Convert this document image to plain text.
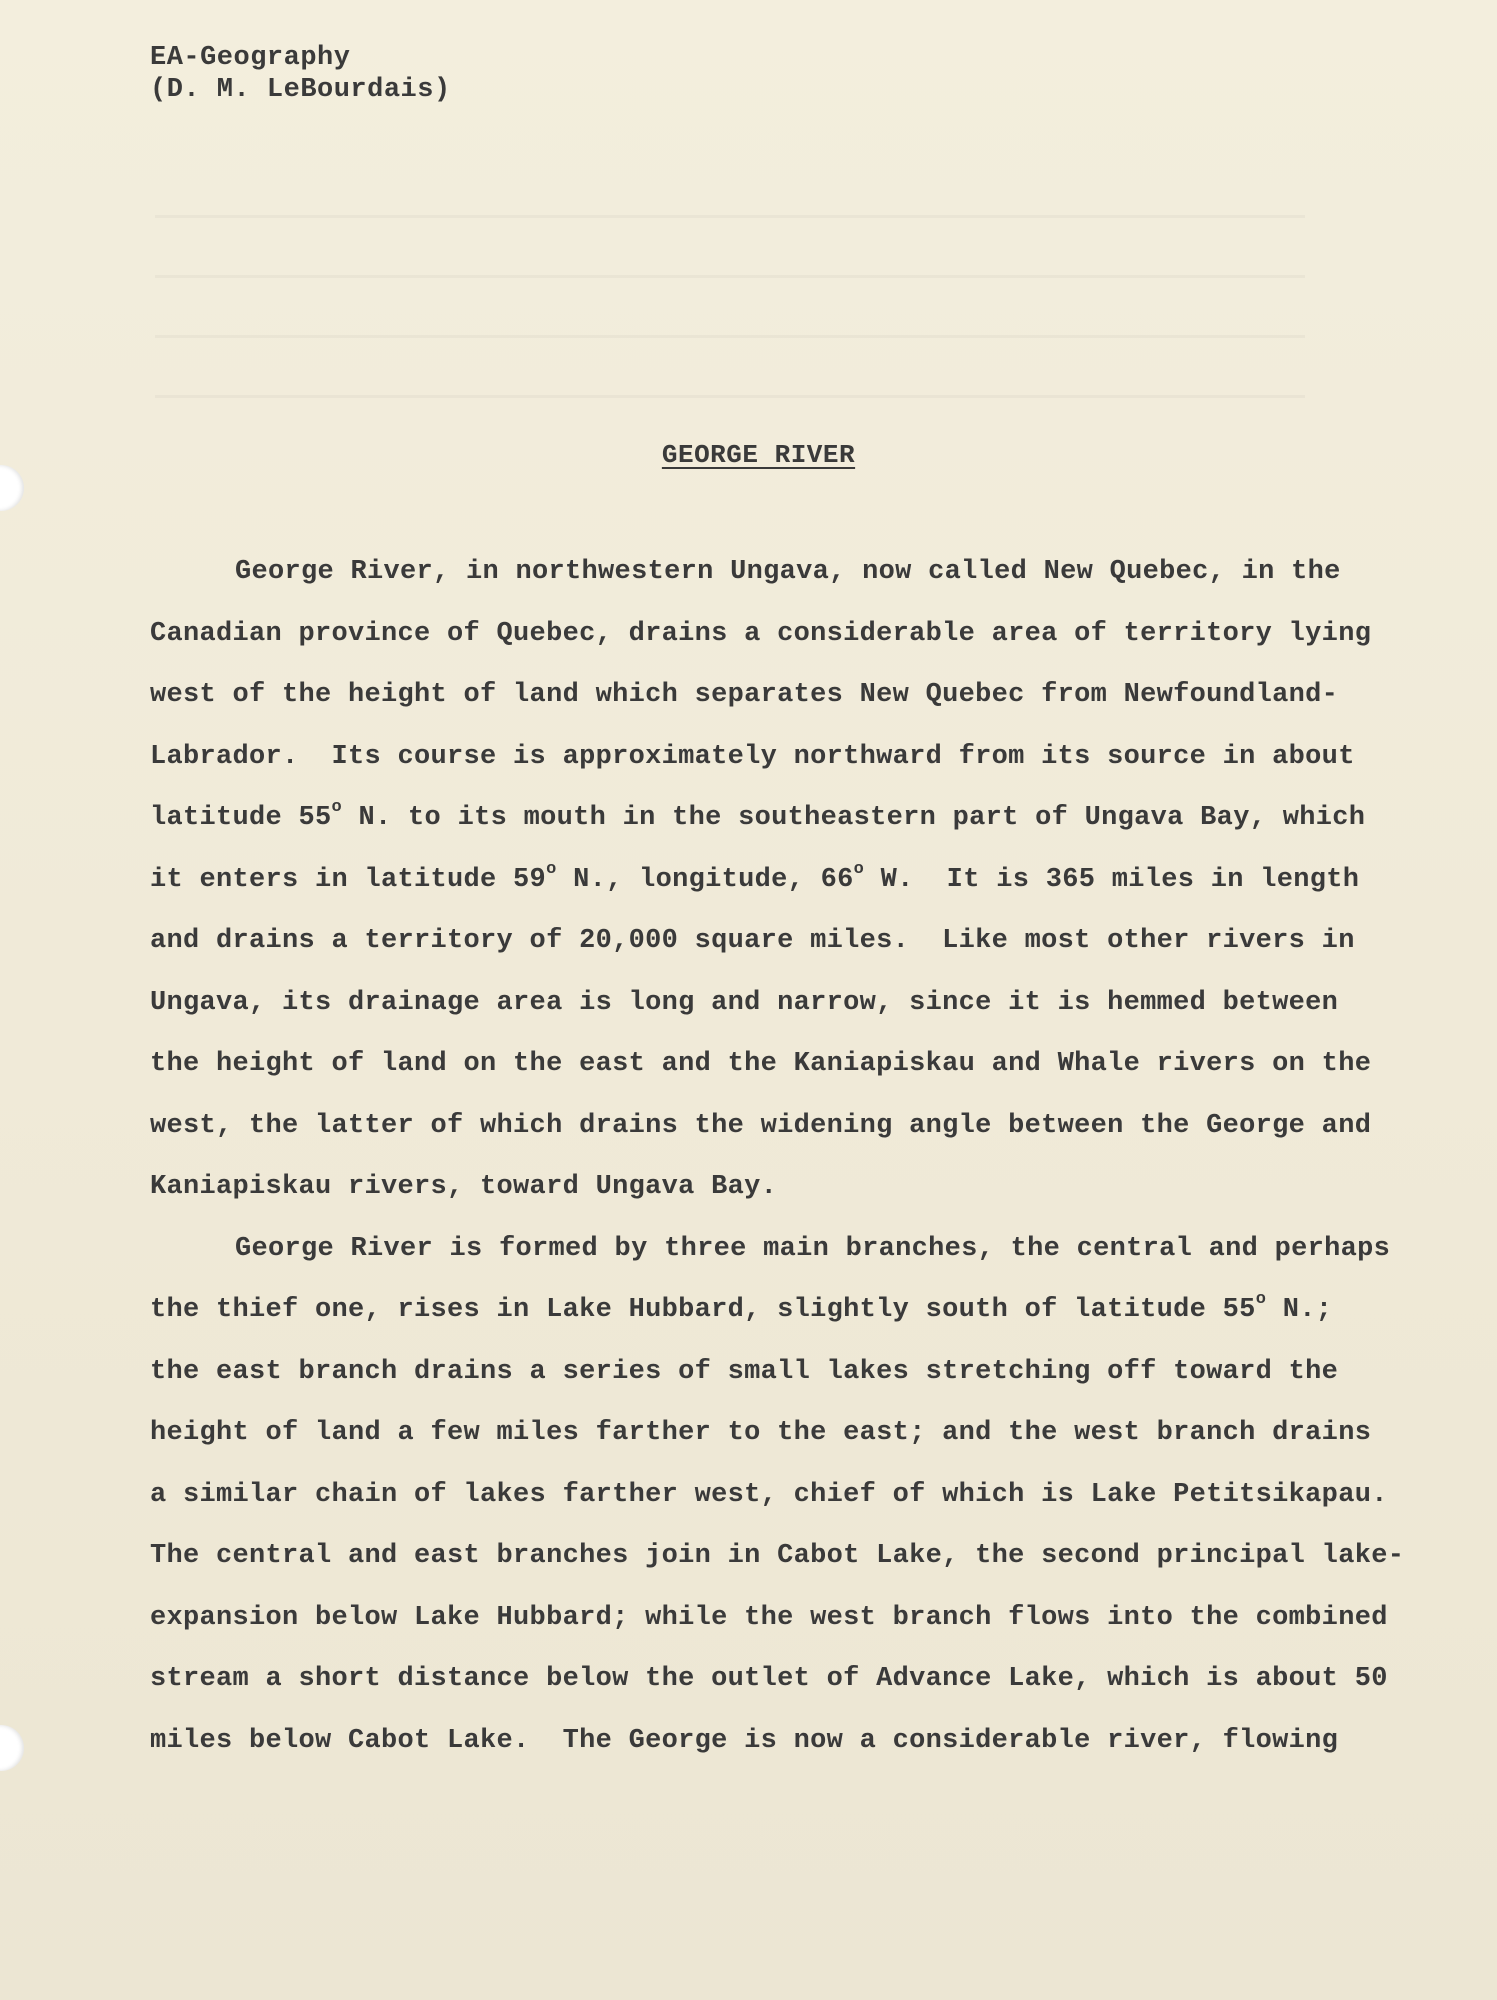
EA-Geography
(D. M. LeBourdais)
GEORGE RIVER
George River, in northwestern Ungava, now called New Quebec, in the
Canadian province of Quebec, drains a considerable area of territory lying
west of the height of land which separates New Quebec from Newfoundland-
Labrador.  Its course is approximately northward from its source in about
latitude 55$^o$ N. to its mouth in the southeastern part of Ungava Bay, which
it enters in latitude 59$^o$ N., longitude, 66$^o$ W.  It is 365 miles in length
and drains a territory of 20,000 square miles.  Like most other rivers in
Ungava, its drainage area is long and narrow, since it is hemmed between
the height of land on the east and the Kaniapiskau and Whale rivers on the
west, the latter of which drains the widening angle between the George and
Kaniapiskau rivers, toward Ungava Bay.
George River is formed by three main branches, the central and perhaps
the thief one, rises in Lake Hubbard, slightly south of latitude 55$^o$ N.;
the east branch drains a series of small lakes stretching off toward the
height of land a few miles farther to the east; and the west branch drains
a similar chain of lakes farther west, chief of which is Lake Petitsikapau.
The central and east branches join in Cabot Lake, the second principal lake-
expansion below Lake Hubbard; while the west branch flows into the combined
stream a short distance below the outlet of Advance Lake, which is about 50
miles below Cabot Lake.  The George is now a considerable river, flowing
